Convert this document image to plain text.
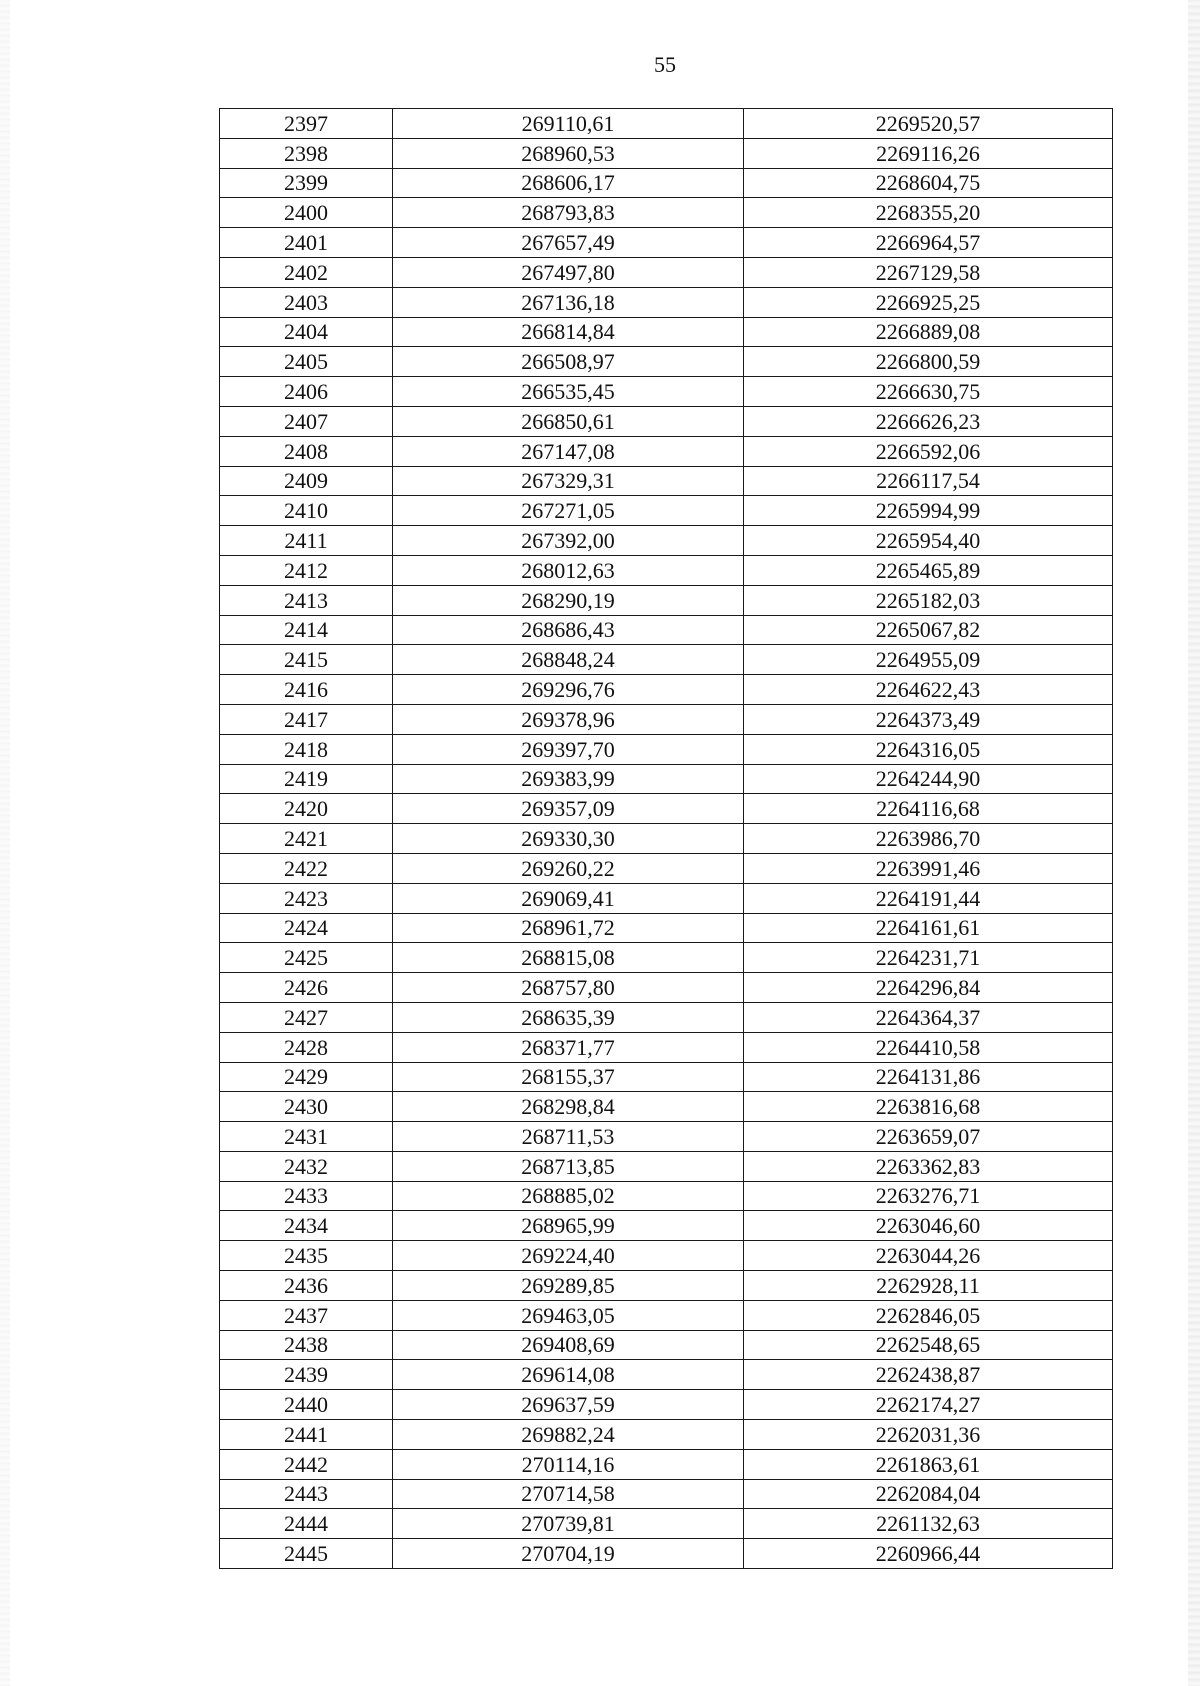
55
2397	269110,61	2269520,57
2398	268960,53	2269116,26
2399	268606,17	2268604,75
2400	268793,83	2268355,20
2401	267657,49	2266964,57
2402	267497,80	2267129,58
2403	267136,18	2266925,25
2404	266814,84	2266889,08
2405	266508,97	2266800,59
2406	266535,45	2266630,75
2407	266850,61	2266626,23
2408	267147,08	2266592,06
2409	267329,31	2266117,54
2410	267271,05	2265994,99
2411	267392,00	2265954,40
2412	268012,63	2265465,89
2413	268290,19	2265182,03
2414	268686,43	2265067,82
2415	268848,24	2264955,09
2416	269296,76	2264622,43
2417	269378,96	2264373,49
2418	269397,70	2264316,05
2419	269383,99	2264244,90
2420	269357,09	2264116,68
2421	269330,30	2263986,70
2422	269260,22	2263991,46
2423	269069,41	2264191,44
2424	268961,72	2264161,61
2425	268815,08	2264231,71
2426	268757,80	2264296,84
2427	268635,39	2264364,37
2428	268371,77	2264410,58
2429	268155,37	2264131,86
2430	268298,84	2263816,68
2431	268711,53	2263659,07
2432	268713,85	2263362,83
2433	268885,02	2263276,71
2434	268965,99	2263046,60
2435	269224,40	2263044,26
2436	269289,85	2262928,11
2437	269463,05	2262846,05
2438	269408,69	2262548,65
2439	269614,08	2262438,87
2440	269637,59	2262174,27
2441	269882,24	2262031,36
2442	270114,16	2261863,61
2443	270714,58	2262084,04
2444	270739,81	2261132,63
2445	270704,19	2260966,44
